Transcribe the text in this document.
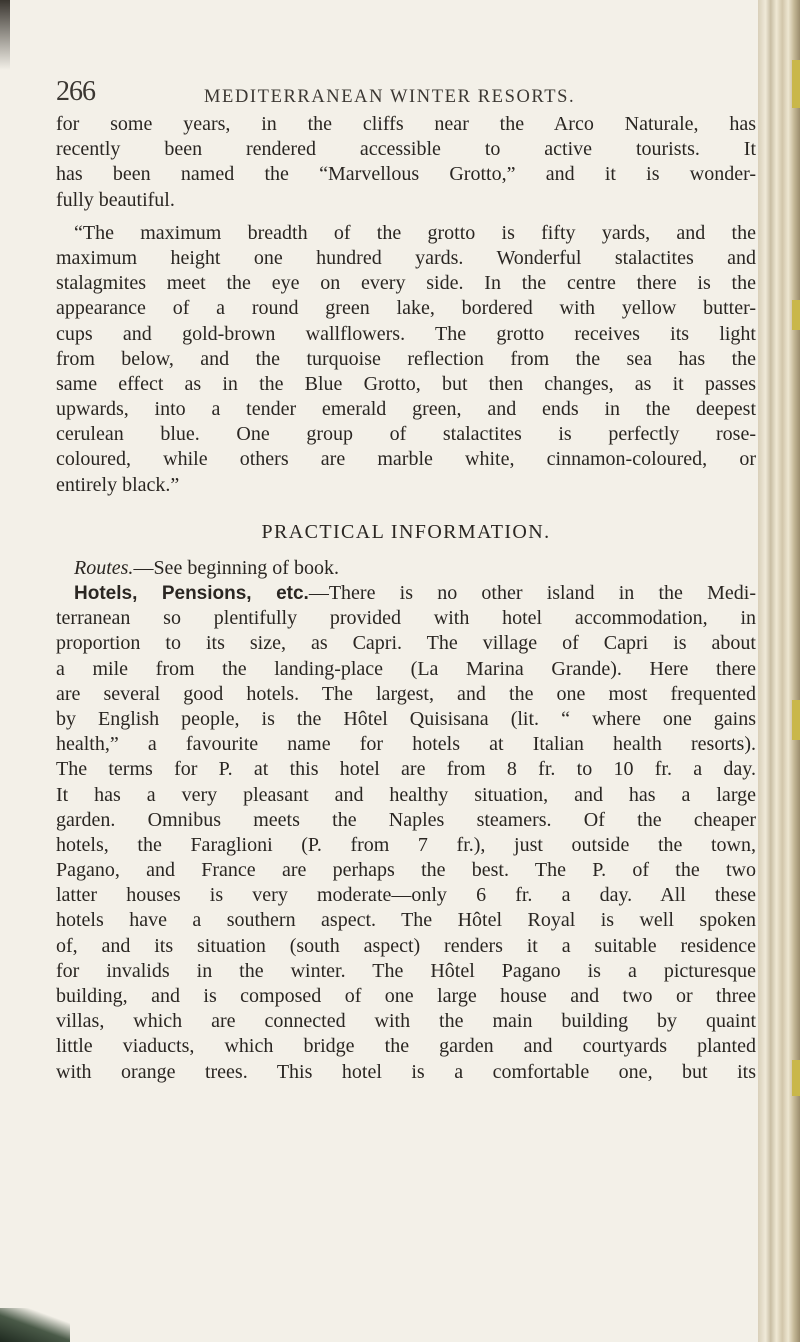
266	MEDITERRANEAN WINTER RESORTS.
for some years, in the cliffs near the Arco Naturale, has
recently been rendered accessible to active tourists. It
has been named the “Marvellous Grotto,” and it is wonder-
fully beautiful.
“The maximum breadth of the grotto is fifty yards, and the
maximum height one hundred yards. Wonderful stalactites and
stalagmites meet the eye on every side. In the centre there is the
appearance of a round green lake, bordered with yellow butter-
cups and gold-brown wallflowers. The grotto receives its light
from below, and the turquoise reflection from the sea has the
same effect as in the Blue Grotto, but then changes, as it passes
upwards, into a tender emerald green, and ends in the deepest
cerulean blue. One group of stalactites is perfectly rose-
coloured, while others are marble white, cinnamon-coloured, or
entirely black.”
PRACTICAL INFORMATION.
Routes.—See beginning of book.
Hotels, Pensions, etc.—There is no other island in the Medi-
terranean so plentifully provided with hotel accommodation, in
proportion to its size, as Capri. The village of Capri is about
a mile from the landing-place (La Marina Grande). Here there
are several good hotels. The largest, and the one most frequented
by English people, is the Hôtel Quisisana (lit. “ where one gains
health,” a favourite name for hotels at Italian health resorts).
The terms for P. at this hotel are from 8 fr. to 10 fr. a day.
It has a very pleasant and healthy situation, and has a large
garden. Omnibus meets the Naples steamers. Of the cheaper
hotels, the Faraglioni (P. from 7 fr.), just outside the town,
Pagano, and France are perhaps the best. The P. of the two
latter houses is very moderate—only 6 fr. a day. All these
hotels have a southern aspect. The Hôtel Royal is well spoken
of, and its situation (south aspect) renders it a suitable residence
for invalids in the winter. The Hôtel Pagano is a picturesque
building, and is composed of one large house and two or three
villas, which are connected with the main building by quaint
little viaducts, which bridge the garden and courtyards planted
with orange trees. This hotel is a comfortable one, but its
